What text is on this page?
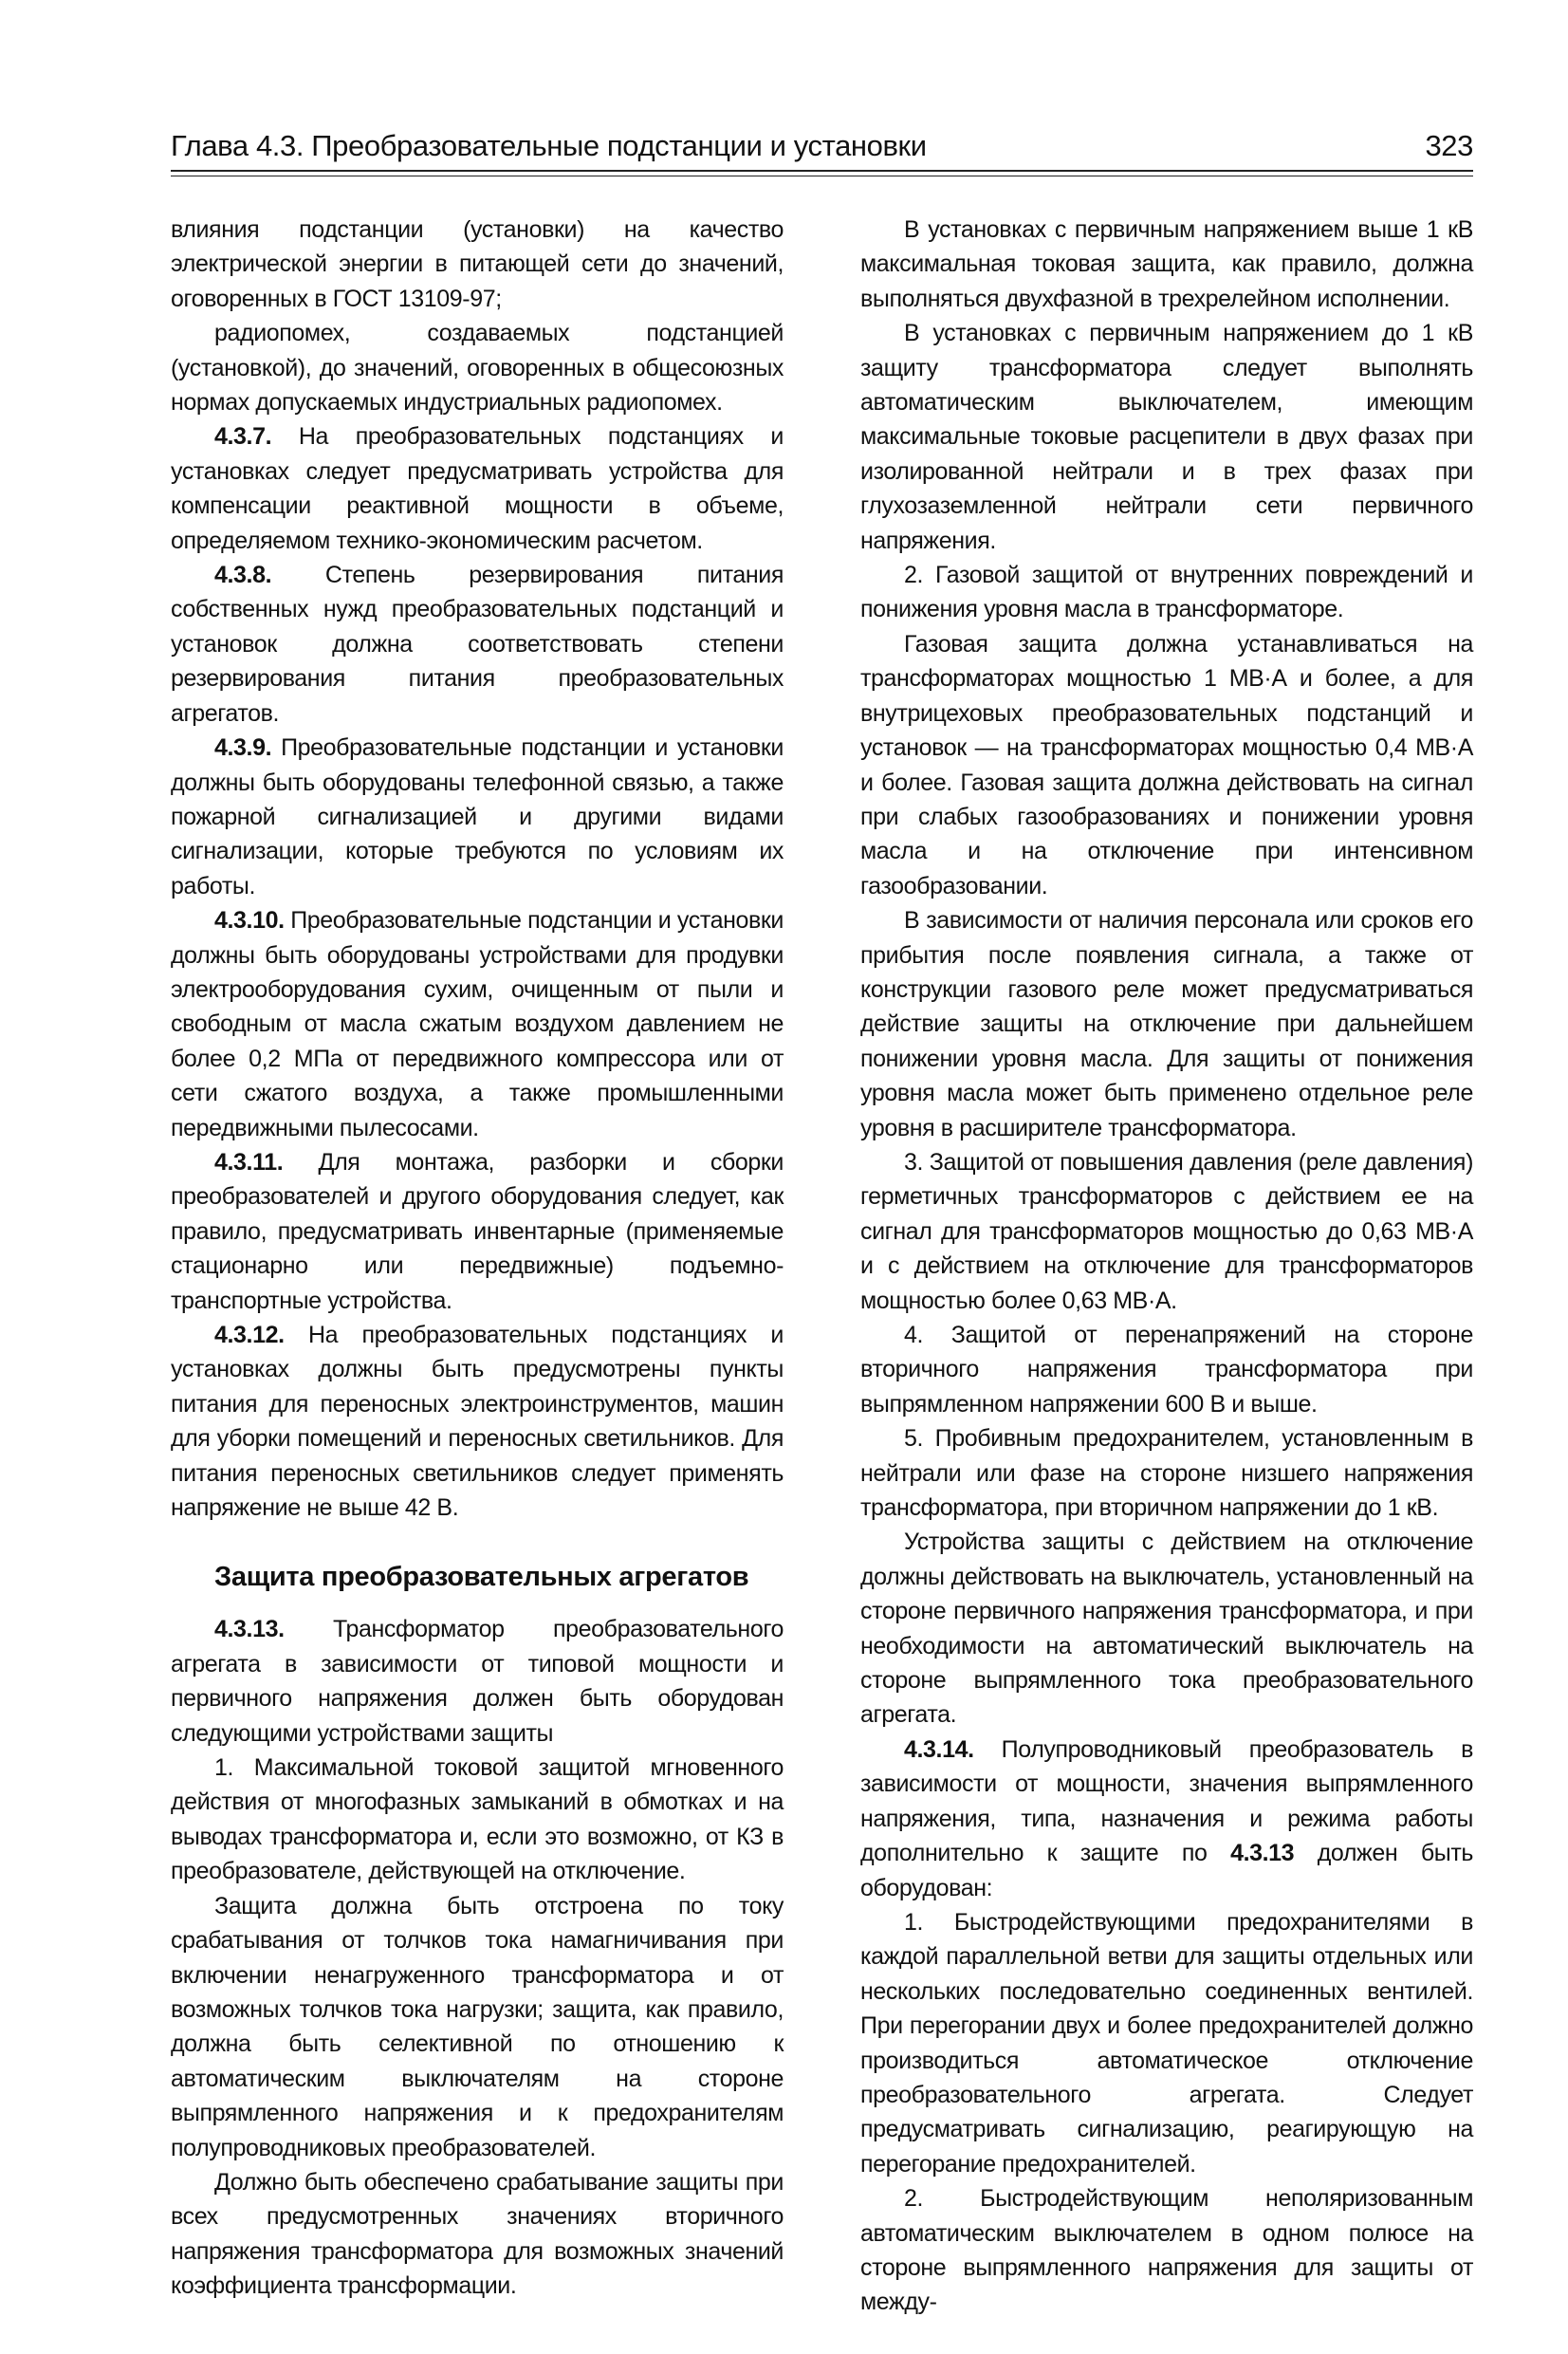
Глава 4.3. Преобразовательные подстанции и установки	323

влияния подстанции (установки) на качество электрической энергии в питающей сети до значений, оговоренных в ГОСТ 13109-97;

радиопомех, создаваемых подстанцией (установкой), до значений, оговоренных в общесоюзных нормах допускаемых индустриальных радиопомех.

4.3.7. На преобразовательных подстанциях и установках следует предусматривать устройства для компенсации реактивной мощности в объеме, определяемом технико-экономическим расчетом.

4.3.8. Степень резервирования питания собственных нужд преобразовательных подстанций и установок должна соответствовать степени резервирования питания преобразовательных агрегатов.

4.3.9. Преобразовательные подстанции и установки должны быть оборудованы телефонной связью, а также пожарной сигнализацией и другими видами сигнализации, которые требуются по условиям их работы.

4.3.10. Преобразовательные подстанции и установки должны быть оборудованы устройствами для продувки электрооборудования сухим, очищенным от пыли и свободным от масла сжатым воздухом давлением не более 0,2 МПа от передвижного компрессора или от сети сжатого воздуха, а также промышленными передвижными пылесосами.

4.3.11. Для монтажа, разборки и сборки преобразователей и другого оборудования следует, как правило, предусматривать инвентарные (применяемые стационарно или передвижные) подъемно-транспортные устройства.

4.3.12. На преобразовательных подстанциях и установках должны быть предусмотрены пункты питания для переносных электроинструментов, машин для уборки помещений и переносных светильников. Для питания переносных светильников следует применять напряжение не выше 42 В.

Защита преобразовательных агрегатов

4.3.13. Трансформатор преобразовательного агрегата в зависимости от типовой мощности и первичного напряжения должен быть оборудован следующими устройствами защиты

1. Максимальной токовой защитой мгновенного действия от многофазных замыканий в обмотках и на выводах трансформатора и, если это возможно, от КЗ в преобразователе, действующей на отключение.

Защита должна быть отстроена по току срабатывания от толчков тока намагничивания при включении ненагруженного трансформатора и от возможных толчков тока нагрузки; защита, как правило, должна быть селективной по отношению к автоматическим выключателям на стороне выпрямленного напряжения и к предохранителям полупроводниковых преобразователей.

Должно быть обеспечено срабатывание защиты при всех предусмотренных значениях вторичного напряжения трансформатора для возможных значений коэффициента трансформации.

В установках с первичным напряжением выше 1 кВ максимальная токовая защита, как правило, должна выполняться двухфазной в трехрелейном исполнении.

В установках с первичным напряжением до 1 кВ защиту трансформатора следует выполнять автоматическим выключателем, имеющим максимальные токовые расцепители в двух фазах при изолированной нейтрали и в трех фазах при глухозаземленной нейтрали сети первичного напряжения.

2. Газовой защитой от внутренних повреждений и понижения уровня масла в трансформаторе.

Газовая защита должна устанавливаться на трансформаторах мощностью 1 МВ·А и более, а для внутрицеховых преобразовательных подстанций и установок — на трансформаторах мощностью 0,4 МВ·А и более. Газовая защита должна действовать на сигнал при слабых газообразованиях и понижении уровня масла и на отключение при интенсивном газообразовании.

В зависимости от наличия персонала или сроков его прибытия после появления сигнала, а также от конструкции газового реле может предусматриваться действие защиты на отключение при дальнейшем понижении уровня масла. Для защиты от понижения уровня масла может быть применено отдельное реле уровня в расширителе трансформатора.

3. Защитой от повышения давления (реле давления) герметичных трансформаторов с действием ее на сигнал для трансформаторов мощностью до 0,63 МВ·А и с действием на отключение для трансформаторов мощностью более 0,63 МВ·А.

4. Защитой от перенапряжений на стороне вторичного напряжения трансформатора при выпрямленном напряжении 600 В и выше.

5. Пробивным предохранителем, установленным в нейтрали или фазе на стороне низшего напряжения трансформатора, при вторичном напряжении до 1 кВ.

Устройства защиты с действием на отключение должны действовать на выключатель, установленный на стороне первичного напряжения трансформатора, и при необходимости на автоматический выключатель на стороне выпрямленного тока преобразовательного агрегата.

4.3.14. Полупроводниковый преобразователь в зависимости от мощности, значения выпрямленного напряжения, типа, назначения и режима работы дополнительно к защите по 4.3.13 должен быть оборудован:

1. Быстродействующими предохранителями в каждой параллельной ветви для защиты отдельных или нескольких последовательно соединенных вентилей. При перегорании двух и более предохранителей должно производиться автоматическое отключение преобразовательного агрегата. Следует предусматривать сигнализацию, реагирующую на перегорание предохранителей.

2. Быстродействующим неполяризованным автоматическим выключателем в одном полюсе на стороне выпрямленного напряжения для защиты от между-
